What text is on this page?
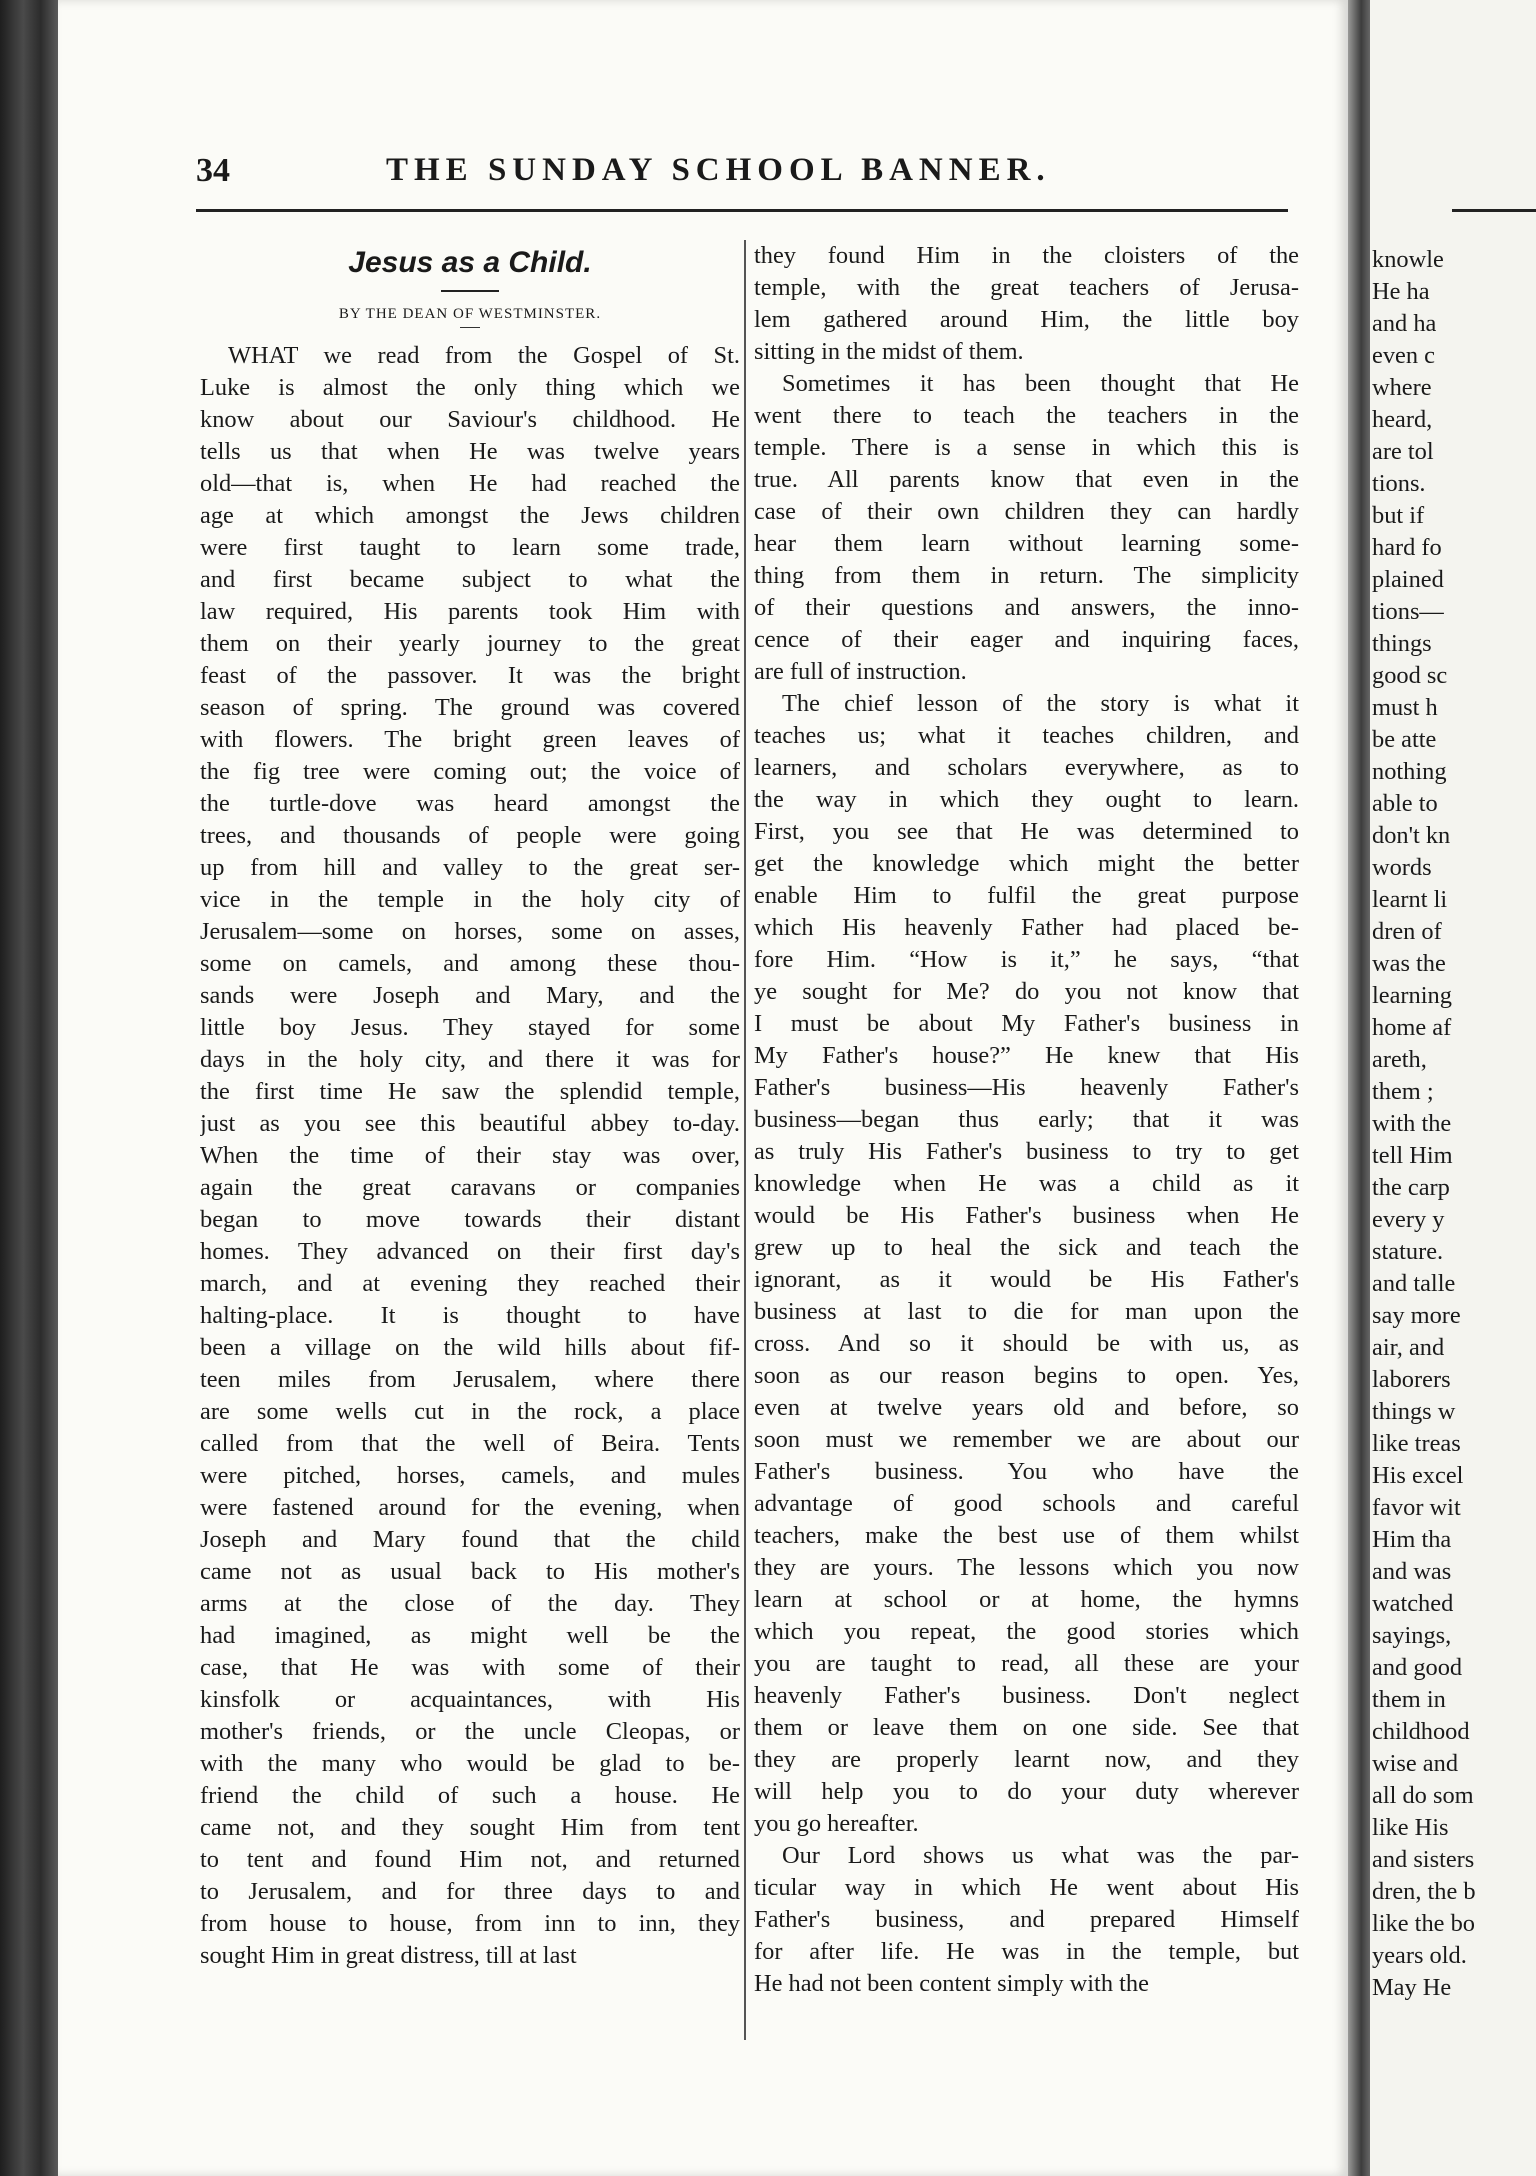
34	THE SUNDAY SCHOOL BANNER.
Jesus as a Child.
BY THE DEAN OF WESTMINSTER.
WHAT we read from the Gospel of St.
Luke is almost the only thing which we
know about our Saviour's childhood. He
tells us that when He was twelve years
old—that is, when He had reached the
age at which amongst the Jews children
were first taught to learn some trade,
and first became subject to what the
law required, His parents took Him with
them on their yearly journey to the great
feast of the passover. It was the bright
season of spring. The ground was covered
with flowers. The bright green leaves of
the fig tree were coming out; the voice of
the turtle-dove was heard amongst the
trees, and thousands of people were going
up from hill and valley to the great ser-
vice in the temple in the holy city of
Jerusalem—some on horses, some on asses,
some on camels, and among these thou-
sands were Joseph and Mary, and the
little boy Jesus. They stayed for some
days in the holy city, and there it was for
the first time He saw the splendid temple,
just as you see this beautiful abbey to-day.
When the time of their stay was over,
again the great caravans or companies
began to move towards their distant
homes. They advanced on their first day's
march, and at evening they reached their
halting-place. It is thought to have
been a village on the wild hills about fif-
teen miles from Jerusalem, where there
are some wells cut in the rock, a place
called from that the well of Beira. Tents
were pitched, horses, camels, and mules
were fastened around for the evening, when
Joseph and Mary found that the child
came not as usual back to His mother's
arms at the close of the day. They
had imagined, as might well be the
case, that He was with some of their
kinsfolk or acquaintances, with His
mother's friends, or the uncle Cleopas, or
with the many who would be glad to be-
friend the child of such a house. He
came not, and they sought Him from tent
to tent and found Him not, and returned
to Jerusalem, and for three days to and
from house to house, from inn to inn, they
sought Him in great distress, till at last
they found Him in the cloisters of the
temple, with the great teachers of Jerusa-
lem gathered around Him, the little boy
sitting in the midst of them.
Sometimes it has been thought that He
went there to teach the teachers in the
temple. There is a sense in which this is
true. All parents know that even in the
case of their own children they can hardly
hear them learn without learning some-
thing from them in return. The simplicity
of their questions and answers, the inno-
cence of their eager and inquiring faces,
are full of instruction.
The chief lesson of the story is what it
teaches us; what it teaches children, and
learners, and scholars everywhere, as to
the way in which they ought to learn.
First, you see that He was determined to
get the knowledge which might the better
enable Him to fulfil the great purpose
which His heavenly Father had placed be-
fore Him. “How is it,” he says, “that
ye sought for Me? do you not know that
I must be about My Father's business in
My Father's house?” He knew that His
Father's business—His heavenly Father's
business—began thus early; that it was
as truly His Father's business to try to get
knowledge when He was a child as it
would be His Father's business when He
grew up to heal the sick and teach the
ignorant, as it would be His Father's
business at last to die for man upon the
cross. And so it should be with us, as
soon as our reason begins to open. Yes,
even at twelve years old and before, so
soon must we remember we are about our
Father's business. You who have the
advantage of good schools and careful
teachers, make the best use of them whilst
they are yours. The lessons which you now
learn at school or at home, the hymns
which you repeat, the good stories which
you are taught to read, all these are your
heavenly Father's business. Don't neglect
them or leave them on one side. See that
they are properly learnt now, and they
will help you to do your duty wherever
you go hereafter.
Our Lord shows us what was the par-
ticular way in which He went about His
Father's business, and prepared Himself
for after life. He was in the temple, but
He had not been content simply with the
knowle
He ha
and ha
even c
where
heard,
are tol
tions.
but if
hard fo
plained
tions—
things
good sc
must h
be atte
nothing
able to
don't kn
words
learnt li
dren of
was the
learning
home af
areth,
them ;
with the
tell Him
the carp
every y
stature.
and talle
say more
air, and
laborers
things w
like treas
His excel
favor wit
Him tha
and was
watched
sayings,
and good
them in
childhood
wise and
all do som
like His
and sisters
dren, the b
like the bo
years old.
May He
